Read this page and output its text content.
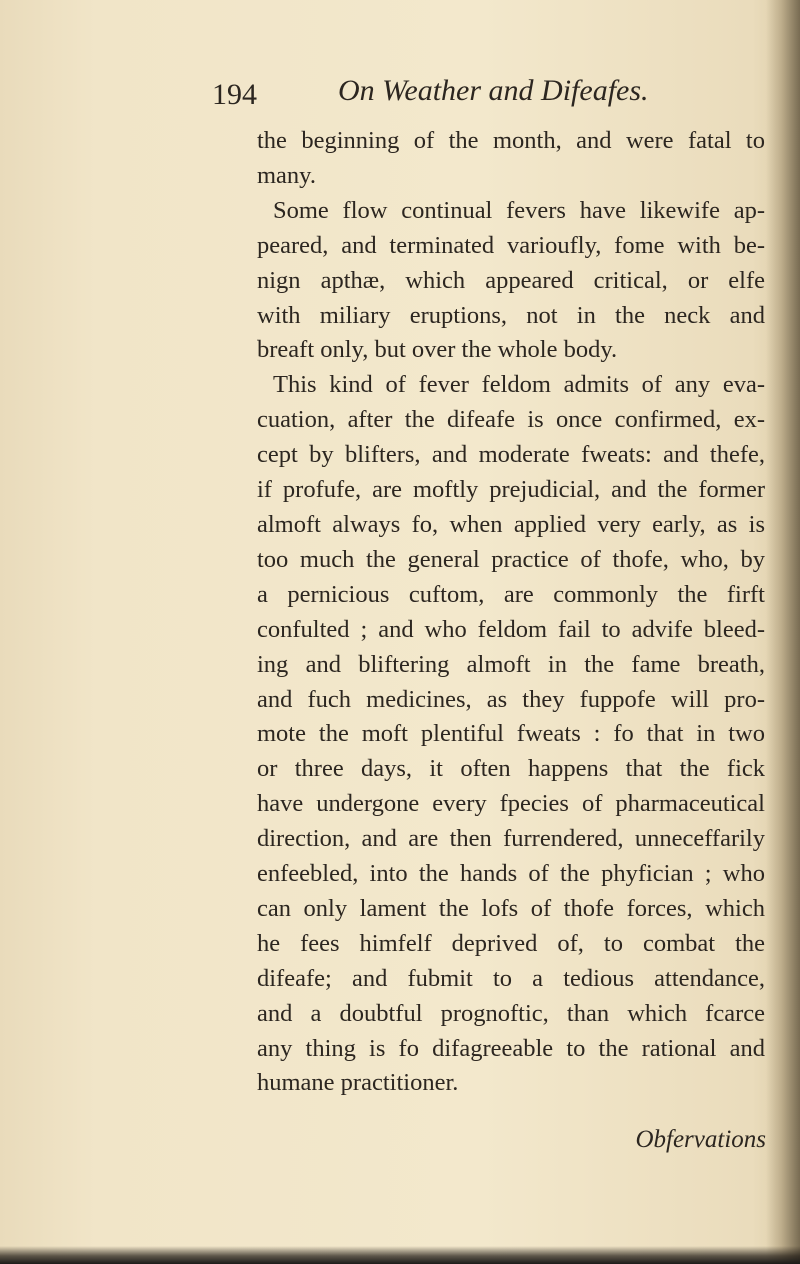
194	On Weather and Difeafes.
the beginning of the month, and were fatal to
many.
Some flow continual fevers have likewife ap-
peared, and terminated varioufly, fome with be-
nign apthæ, which appeared critical, or elfe
with miliary eruptions, not in the neck and
breaft only, but over the whole body.
This kind of fever feldom admits of any eva-
cuation, after the difeafe is once confirmed, ex-
cept by blifters, and moderate fweats: and thefe,
if profufe, are moftly prejudicial, and the former
almoft always fo, when applied very early, as is
too much the general practice of thofe, who, by
a pernicious cuftom, are commonly the firft
confulted ; and who feldom fail to advife bleed-
ing and bliftering almoft in the fame breath,
and fuch medicines, as they fuppofe will pro-
mote the moft plentiful fweats : fo that in two
or three days, it often happens that the fick
have undergone every fpecies of pharmaceutical
direction, and are then furrendered, unneceffarily
enfeebled, into the hands of the phyfician ; who
can only lament the lofs of thofe forces, which
he fees himfelf deprived of, to combat the
difeafe; and fubmit to a tedious attendance,
and a doubtful prognoftic, than which fcarce
any thing is fo difagreeable to the rational and
humane practitioner.
Obfervations
